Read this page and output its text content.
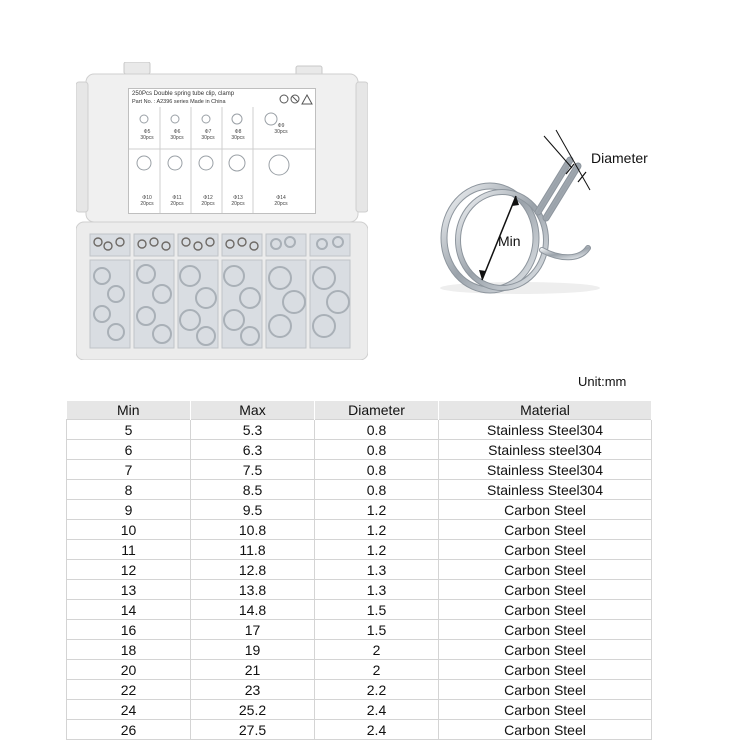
250Pcs Double spring tube clip, clamp
Part No. : A2396 series Made in China
Φ5
30pcs
Φ6
30pcs
Φ7
30pcs
Φ8
30pcs
Φ9
30pcs
Φ10
20pcs
Φ11
20pcs
Φ12
20pcs
Φ13
20pcs
Φ14
20pcs
Diameter
Min
Unit:mm
Min	Max	Diameter	Material
5	5.3	0.8	Stainless Steel304
6	6.3	0.8	Stainless steel304
7	7.5	0.8	Stainless Steel304
8	8.5	0.8	Stainless Steel304
9	9.5	1.2	Carbon Steel
10	10.8	1.2	Carbon Steel
11	11.8	1.2	Carbon Steel
12	12.8	1.3	Carbon Steel
13	13.8	1.3	Carbon Steel
14	14.8	1.5	Carbon Steel
16	17	1.5	Carbon Steel
18	19	2	Carbon Steel
20	21	2	Carbon Steel
22	23	2.2	Carbon Steel
24	25.2	2.4	Carbon Steel
26	27.5	2.4	Carbon Steel
